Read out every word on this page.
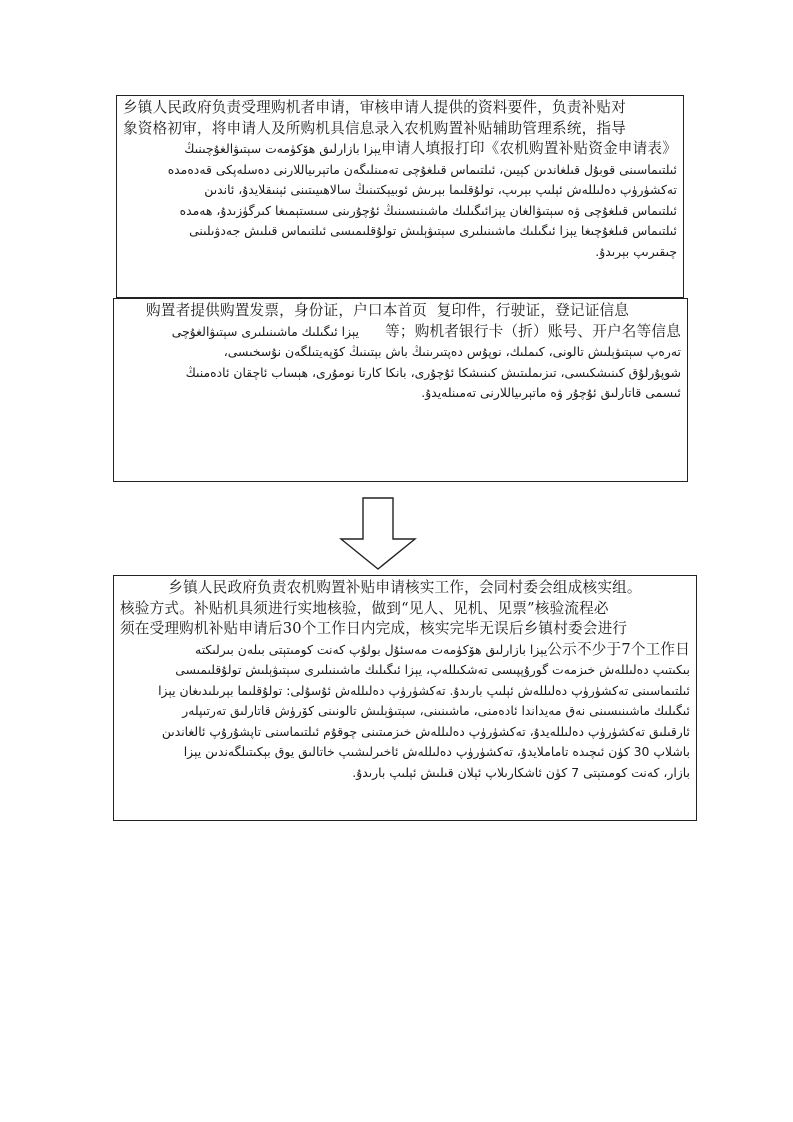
乡镇人民政府负责受理购机者申请，审核申请人提供的资料要件，负责补贴对

象资格初审，将申请人及所购机具信息录入农机购置补贴辅助管理系统，指导

يېزا بازارلىق ھۆكۈمەت سېتىۋالغۇچىنىڭ 申请人填报打印《农机购置补贴资金申请表》

ئىلتىماسىنى قوبۇل قىلغاندىن كېيىن، ئىلتىماس قىلغۇچى تەمىنلىگەن ماتېرىياللارنى دەسلەپكى قەدەمدە

تەكشۈرۈپ دەلىللەش ئېلىپ بېرىپ، تولۇقلىما بېرىش ئوبيېكتىنىڭ سالاھىيىتىنى ئېنىقلايدۇ، ئاندىن

ئىلتىماس قىلغۇچى ۋە سېتىۋالغان يېزائىگىلىك ماشىنىسىنىڭ ئۇچۇرىنى سىستېمىغا كىرگۈزىدۇ، ھەمدە

ئىلتىماس قىلغۇچىغا يېزا ئىگىلىك ماشىنىلىرى سېتىۋېلىش تولۇقلىمىسى ئىلتىماس قىلىش جەدۋىلىنى

چىقىرىپ بېرىدۇ.

购置者提供购置发票，身份证，户口本首页  复印件，行驶证，登记证信息

يېزا ئىگىلىك ماشىنىلىرى سېتىۋالغۇچى	等；购机者银行卡（折）账号、开户名等信息

تەرەپ سېتىۋېلىش تالونى، كىملىك، نوپۇس دەپتىرىنىڭ باش بېتىنىڭ كۆپەيتىلگەن نۇسخىسى،

شوپۇرلۇق كىنىشكىسى، تىزىملىتىش كىنىشكا ئۇچۇرى، بانكا كارتا نومۇرى، ھېساب ئاچقان ئادەمنىڭ

ئىسمى قاتارلىق ئۇچۇر ۋە ماتېرىياللارنى تەمىنلەيدۇ.

乡镇人民政府负责农机购置补贴申请核实工作，会同村委会组成核实组。

核验方式。补贴机具须进行实地核验，做到“见人、见机、见票”核验流程必

须在受理购机补贴申请后30个工作日内完成，核实完毕无误后乡镇村委会进行

يېزا بازارلىق ھۆكۈمەت مەسئۇل بولۇپ كەنت كومىتېتى بىلەن بىرلىكتە 公示不少于7个工作日

بىكىتىپ دەلىللەش خىزمەت گورۇپپىسى تەشكىللەپ، يېزا ئىگىلىك ماشىنىلىرى سېتىۋېلىش تولۇقلىمىسى

ئىلتىماسىنى تەكشۈرۈپ دەلىللەش ئېلىپ بارىدۇ. تەكشۈرۈپ دەلىللەش ئۇسۇلى: تولۇقلىما بېرىلىدىغان يېزا

ئىگىلىك ماشىنىسىنى نەق مەيداندا ئادەمنى، ماشىنىنى، سېتىۋېلىش تالونىنى كۆرۈش قاتارلىق تەرتىپلەر

ئارقىلىق تەكشۈرۈپ دەلىللەيدۇ، تەكشۈرۈپ دەلىللەش خىزمىتىنى چوقۇم ئىلتىماسنى تاپشۇرۇپ ئالغاندىن

باشلاپ 30 كۈن ئىچىدە تاماملايدۇ، تەكشۈرۈپ دەلىللەش ئاخىرلىشىپ خاتالىق يوق بېكىتىلگەندىن يېزا

بازار، كەنت كومىتېتى 7 كۈن ئاشكارىلاپ ئېلان قىلىش ئېلىپ بارىدۇ.
